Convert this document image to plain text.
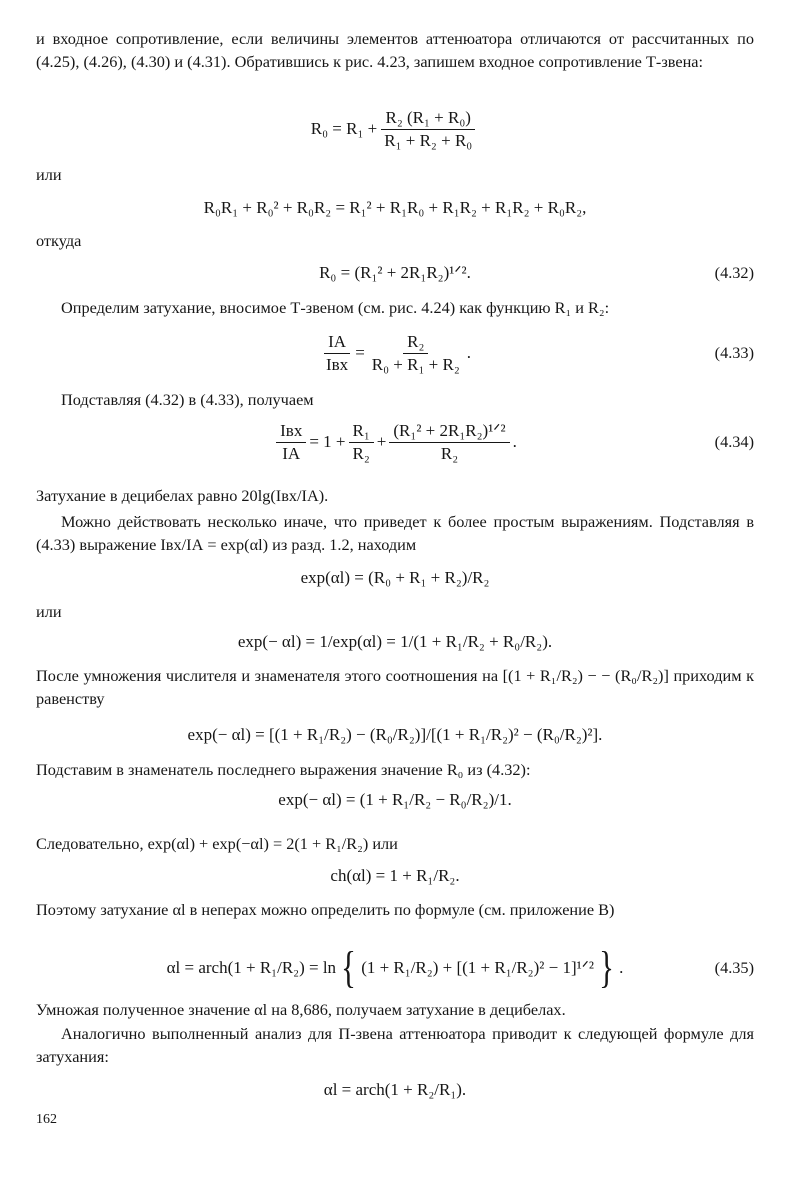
и входное сопротивление, если величины элементов аттенюатора отличаются от рассчитанных по (4.25), (4.26), (4.30) и (4.31). Обратившись к рис. 4.23, запишем входное сопротивление Т-звена:
$R_0 = R_1 + \frac{\text{R₂ (R₁ + R₀)}}{\text{R₁ + R₂ + R₀}}$
или
R₀R₁ + R₀² + R₀R₂ = R₁² + R₁R₀ + R₁R₂ + R₁R₂ + R₀R₂,
откуда
R₀ = (R₁² + 2R₁R₂)¹ᐟ².	(4.32)
Определим затухание, вносимое Т-звеном (см. рис. 4.24) как функцию R₁ и R₂:
$\frac{IА}{\text{Iвх}} = \frac{\text{R₂}}{\text{R₀ + R₁ + R₂}}$ .	(4.33)
Подставляя (4.32) в (4.33), получаем
$\frac{\text{Iвх}}{IА} = 1 + \frac{\text{R₁}}{\text{R₂}} + \frac{\text{(R₁² + 2R₁R₂)¹ᐟ²}}{\text{R₂}}$ .	(4.34)
Затухание в децибелах равно 20lg(Iвх/IА).
Можно действовать несколько иначе, что приведет к более простым выражениям. Подставляя в (4.33) выражение Iвх/IА = exp(αl) из разд. 1.2, находим
exp(αl) = (R₀ + R₁ + R₂)/R₂
или
exp(− αl) = 1/exp(αl) = 1/(1 + R₁/R₂ + R₀/R₂).
После умножения числителя и знаменателя этого соотношения на [(1 + R₁/R₂) − − (R₀/R₂)] приходим к равенству
exp(− αl) = [(1 + R₁/R₂) − (R₀/R₂)]/[(1 + R₁/R₂)² − (R₀/R₂)²].
Подставим в знаменатель последнего выражения значение R₀ из (4.32):
exp(− αl) = (1 + R₁/R₂ − R₀/R₂)/1.
Следовательно, exp(αl) + exp(−αl) = 2(1 + R₁/R₂) или
ch(αl) = 1 + R₁/R₂.
Поэтому затухание αl в неперах можно определить по формуле (см. приложение В)
αl = arch(1 + R₁/R₂) = ln { (1 + R₁/R₂) + [(1 + R₁/R₂)² − 1]¹ᐟ² } .	(4.35)
Умножая полученное значение αl на 8,686, получаем затухание в децибелах.
Аналогично выполненный анализ для П-звена аттенюатора приводит к следующей формуле для затухания:
αl = arch(1 + R₂/R₁).
162
